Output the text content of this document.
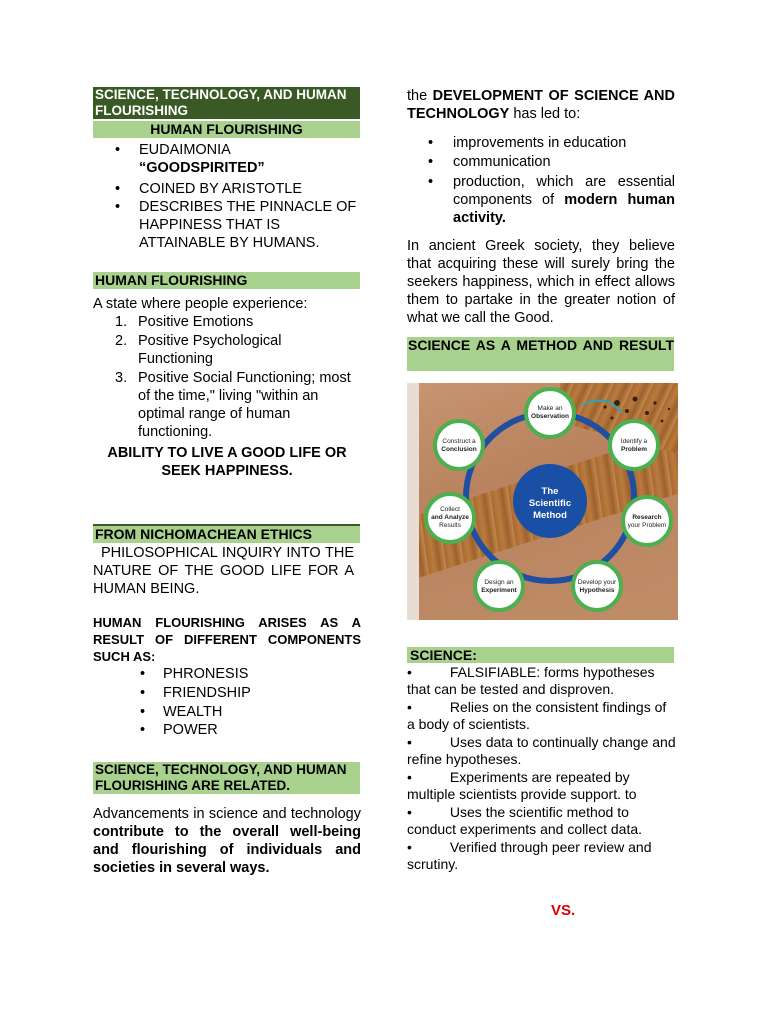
SCIENCE, TECHNOLOGY, AND HUMAN FLOURISHING
HUMAN FLOURISHING
• EUDAIMONIA
“GOODSPIRITED”
• COINED BY ARISTOTLE
• DESCRIBES THE PINNACLE OF HAPPINESS THAT IS ATTAINABLE BY HUMANS.
HUMAN FLOURISHING
A state where people experience:
1. Positive Emotions
2. Positive Psychological Functioning
3. Positive Social Functioning; most of the time," living "within an optimal range of human functioning.
ABILITY TO LIVE A GOOD LIFE OR SEEK HAPPINESS.
FROM NICHOMACHEAN ETHICS
PHILOSOPHICAL INQUIRY INTO THE NATURE OF THE GOOD LIFE FOR A HUMAN BEING.
HUMAN FLOURISHING ARISES AS A RESULT OF DIFFERENT COMPONENTS SUCH AS:
• PHRONESIS
• FRIENDSHIP
• WEALTH
• POWER
SCIENCE, TECHNOLOGY, AND HUMAN FLOURISHING ARE RELATED.
Advancements in science and technology contribute to the overall well-being and flourishing of individuals and societies in several ways.
the DEVELOPMENT OF SCIENCE AND TECHNOLOGY has led to:
• improvements in education
• communication
• production, which are essential components of modern human activity.
In ancient Greek society, they believe that acquiring these will surely bring the seekers happiness, which in effect allows them to partake in the greater notion of what we call the Good.
SCIENCE AS A METHOD AND RESULT
The
Scientific
Method
Make an
Observation
Identify a
Problem
Research
your Problem
Develop your
Hypothesis
Design an
Experiment
Collect
and Analyze
Results
Construct a
Conclusion
SCIENCE:
•	FALSIFIABLE: forms hypotheses that can be tested and disproven.
•	Relies on the consistent findings of a body of scientists.
•	Uses data to continually change and refine hypotheses.
•	Experiments are repeated by multiple scientists provide support. to
•	Uses the scientific method to conduct experiments and collect data.
•	Verified through peer review and scrutiny.
VS.
